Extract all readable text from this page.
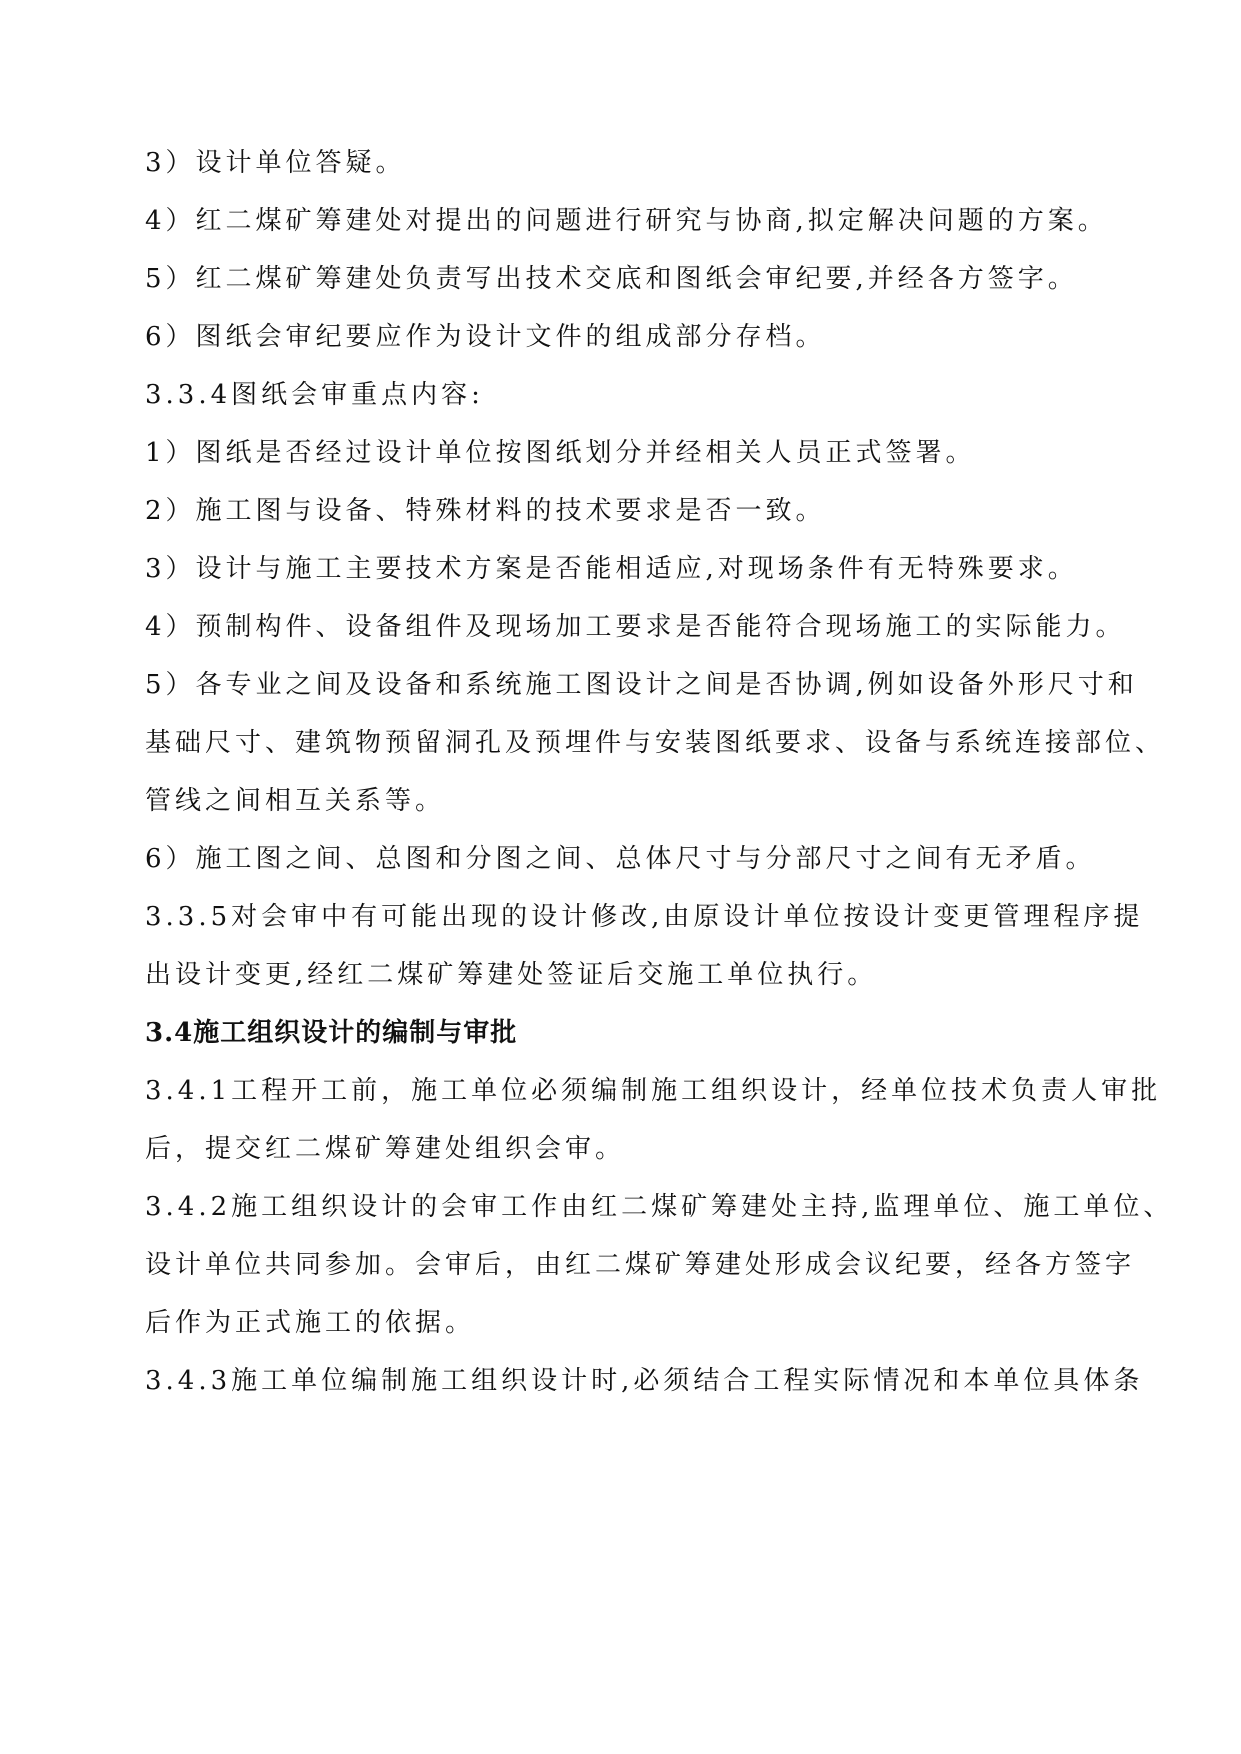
3）设计单位答疑。
4）红二煤矿筹建处对提出的问题进行研究与协商,拟定解决问题的方案。
5）红二煤矿筹建处负责写出技术交底和图纸会审纪要,并经各方签字。
6）图纸会审纪要应作为设计文件的组成部分存档。
3.3.4图纸会审重点内容:
1）图纸是否经过设计单位按图纸划分并经相关人员正式签署。
2）施工图与设备、特殊材料的技术要求是否一致。
3）设计与施工主要技术方案是否能相适应,对现场条件有无特殊要求。
4）预制构件、设备组件及现场加工要求是否能符合现场施工的实际能力。
5）各专业之间及设备和系统施工图设计之间是否协调,例如设备外形尺寸和
基础尺寸、建筑物预留洞孔及预埋件与安装图纸要求、设备与系统连接部位、
管线之间相互关系等。
6）施工图之间、总图和分图之间、总体尺寸与分部尺寸之间有无矛盾。
3.3.5对会审中有可能出现的设计修改,由原设计单位按设计变更管理程序提
出设计变更,经红二煤矿筹建处签证后交施工单位执行。
3.4施工组织设计的编制与审批
3.4.1工程开工前，施工单位必须编制施工组织设计，经单位技术负责人审批
后，提交红二煤矿筹建处组织会审。
3.4.2施工组织设计的会审工作由红二煤矿筹建处主持,监理单位、施工单位、
设计单位共同参加。会审后，由红二煤矿筹建处形成会议纪要，经各方签字
后作为正式施工的依据。
3.4.3施工单位编制施工组织设计时,必须结合工程实际情况和本单位具体条
